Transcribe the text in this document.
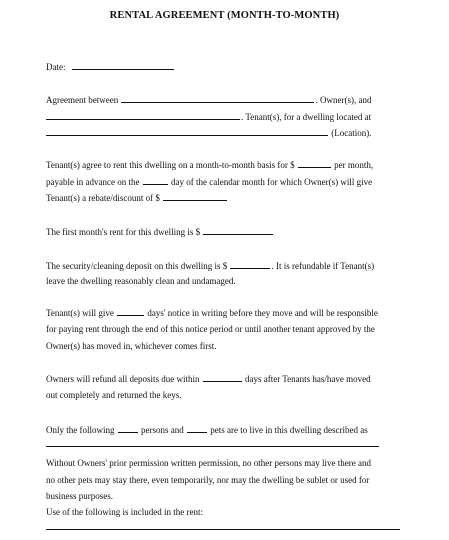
RENTAL AGREEMENT (MONTH-TO-MONTH)
Date:
Agreement between	. Owner(s), and
. Tenant(s), for a dwelling located at
(Location).
Tenant(s) agree to rent this dwelling on a month-to-month basis for $	per month,
payable in advance on the	day of the calendar month for which Owner(s) will give
Tenant(s) a rebate/discount of $
The first month's rent for this dwelling is $
The security/cleaning deposit on this dwelling is $	. It is refundable if Tenant(s)
leave the dwelling reasonably clean and undamaged.
Tenant(s) will give	days' notice in writing before they move and will be responsible
for paying rent through the end of this notice period or until another tenant approved by the
Owner(s) has moved in, whichever comes first.
Owners will refund all deposits due within	days after Tenants has/have moved
out completely and returned the keys.
Only the following	persons and	pets are to live in this dwelling described as
Without Owners' prior permission written permission, no other persons may live there and
no other pets may stay there, even temporarily, nor may the dwelling be sublet or used for
business purposes.
Use of the following is included in the rent:
